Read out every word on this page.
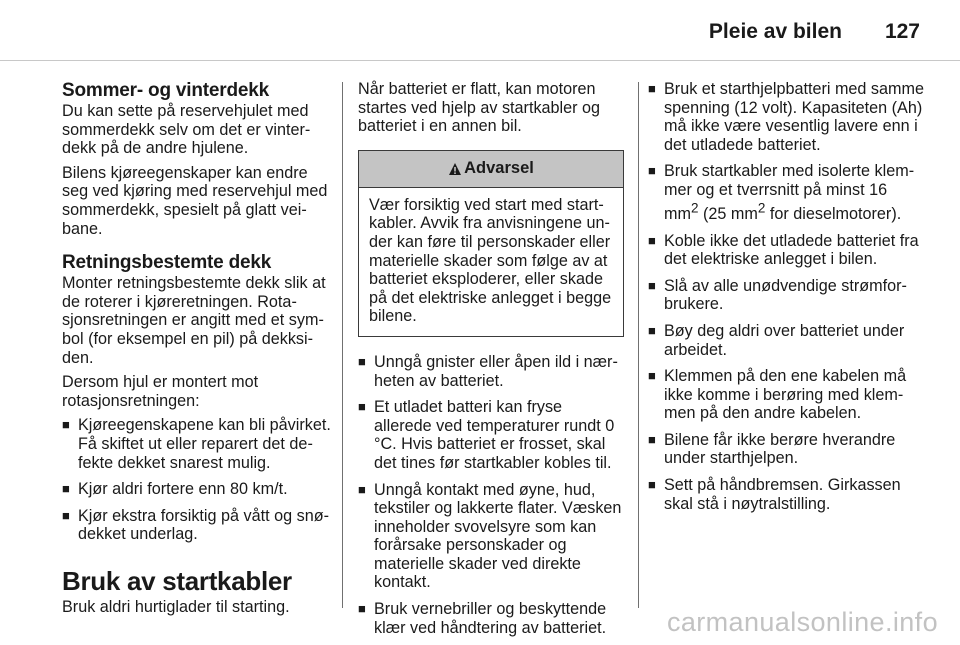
Pleie av bilen 127
Sommer- og vinterdekk

Du kan sette på reservehjulet med sommerdekk selv om det er vinterdekk på de andre hjulene.

Bilens kjøreegenskaper kan endre seg ved kjøring med reservehjul med sommerdekk, spesielt på glatt veibane.

Retningsbestemte dekk

Monter retningsbestemte dekk slik at de roterer i kjøreretningen. Rotasjonsretningen er angitt med et symbol (for eksempel en pil) på dekksiden.

Dersom hjul er montert mot rotasjonsretningen:

■ Kjøreegenskapene kan bli påvirket. Få skiftet ut eller reparert det defekte dekket snarest mulig.
■ Kjør aldri fortere enn 80 km/t.
■ Kjør ekstra forsiktig på vått og snødekket underlag.
Bruk av startkabler

Bruk aldri hurtiglader til starting.

Når batteriet er flatt, kan motoren startes ved hjelp av startkabler og batteriet i en annen bil.

Advarsel
Vær forsiktig ved start med startkabler. Avvik fra anvisningene under kan føre til personskader eller materielle skader som følge av at batteriet eksploderer, eller skade på det elektriske anlegget i begge bilene.
■ Unngå gnister eller åpen ild i nærheten av batteriet.
■ Et utladet batteri kan fryse allerede ved temperaturer rundt 0 °C. Hvis batteriet er frosset, skal det tines før startkabler kobles til.
■ Unngå kontakt med øyne, hud, tekstiler og lakkerte flater. Væsken inneholder svovelsyre som kan forårsake personskader og materielle skader ved direkte kontakt.
■ Bruk vernebriller og beskyttende klær ved håndtering av batteriet.
■ Bruk et starthjelpbatteri med samme spenning (12 volt). Kapasiteten (Ah) må ikke være vesentlig lavere enn i det utladede batteriet.
■ Bruk startkabler med isolerte klemmer og et tverrsnitt på minst 16 $mm^2$ (25 $mm^2$ for dieselmotorer).
■ Koble ikke det utladede batteriet fra det elektriske anlegget i bilen.
■ Slå av alle unødvendige strømforbrukere.
■ Bøy deg aldri over batteriet under arbeidet.
■ Klemmen på den ene kabelen må ikke komme i berøring med klemmen på den andre kabelen.
■ Bilene får ikke berøre hverandre under starthjelpen.
■ Sett på håndbremsen. Girkassen skal stå i nøytralstilling.
carmanualsonline.info
